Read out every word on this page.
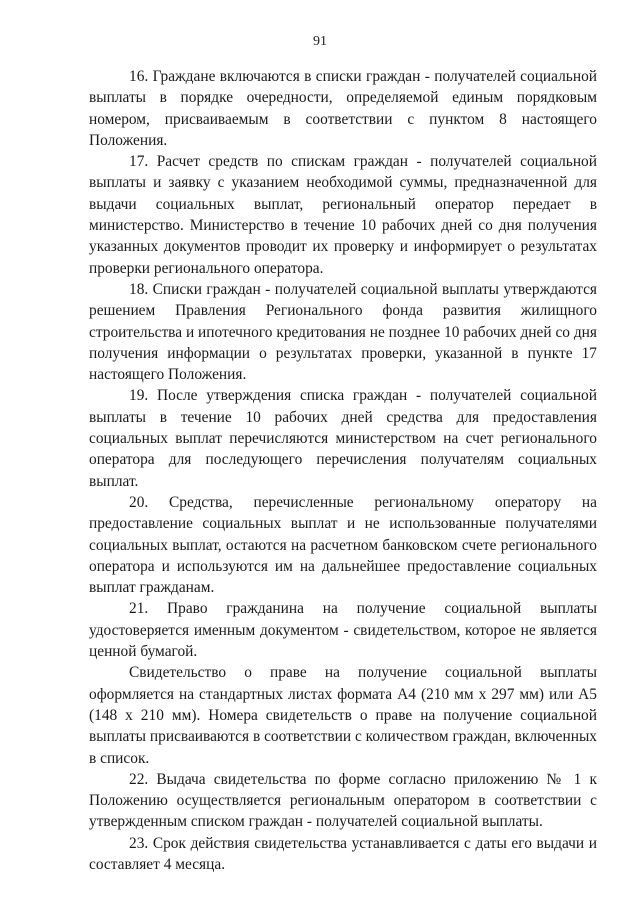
91

16. Граждане включаются в списки граждан - получателей социальной выплаты в порядке очередности, определяемой единым порядковым номером, присваиваемым в соответствии с пунктом 8 настоящего Положения.

17. Расчет средств по спискам граждан - получателей социальной выплаты и заявку с указанием необходимой суммы, предназначенной для выдачи социальных выплат, региональный оператор передает в министерство. Министерство в течение 10 рабочих дней со дня получения указанных документов проводит их проверку и информирует о результатах проверки регионального оператора.

18. Списки граждан - получателей социальной выплаты утверждаются решением Правления Регионального фонда развития жилищного строительства и ипотечного кредитования не позднее 10 рабочих дней со дня получения информации о результатах проверки, указанной в пункте 17 настоящего Положения.

19. После утверждения списка граждан - получателей социальной выплаты в течение 10 рабочих дней средства для предоставления социальных выплат перечисляются министерством на счет регионального оператора для последующего перечисления получателям социальных выплат.

20. Средства, перечисленные региональному оператору на предоставление социальных выплат и не использованные получателями социальных выплат, остаются на расчетном банковском счете регионального оператора и используются им на дальнейшее предоставление социальных выплат гражданам.

21. Право гражданина на получение социальной выплаты удостоверяется именным документом - свидетельством, которое не является ценной бумагой.

Свидетельство о праве на получение социальной выплаты оформляется на стандартных листах формата А4 (210 мм х 297 мм) или А5 (148 х 210 мм). Номера свидетельств о праве на получение социальной выплаты присваиваются в соответствии с количеством граждан, включенных в список.

22. Выдача свидетельства по форме согласно приложению № 1 к Положению осуществляется региональным оператором в соответствии с утвержденным списком граждан - получателей социальной выплаты.

23. Срок действия свидетельства устанавливается с даты его выдачи и составляет 4 месяца.
